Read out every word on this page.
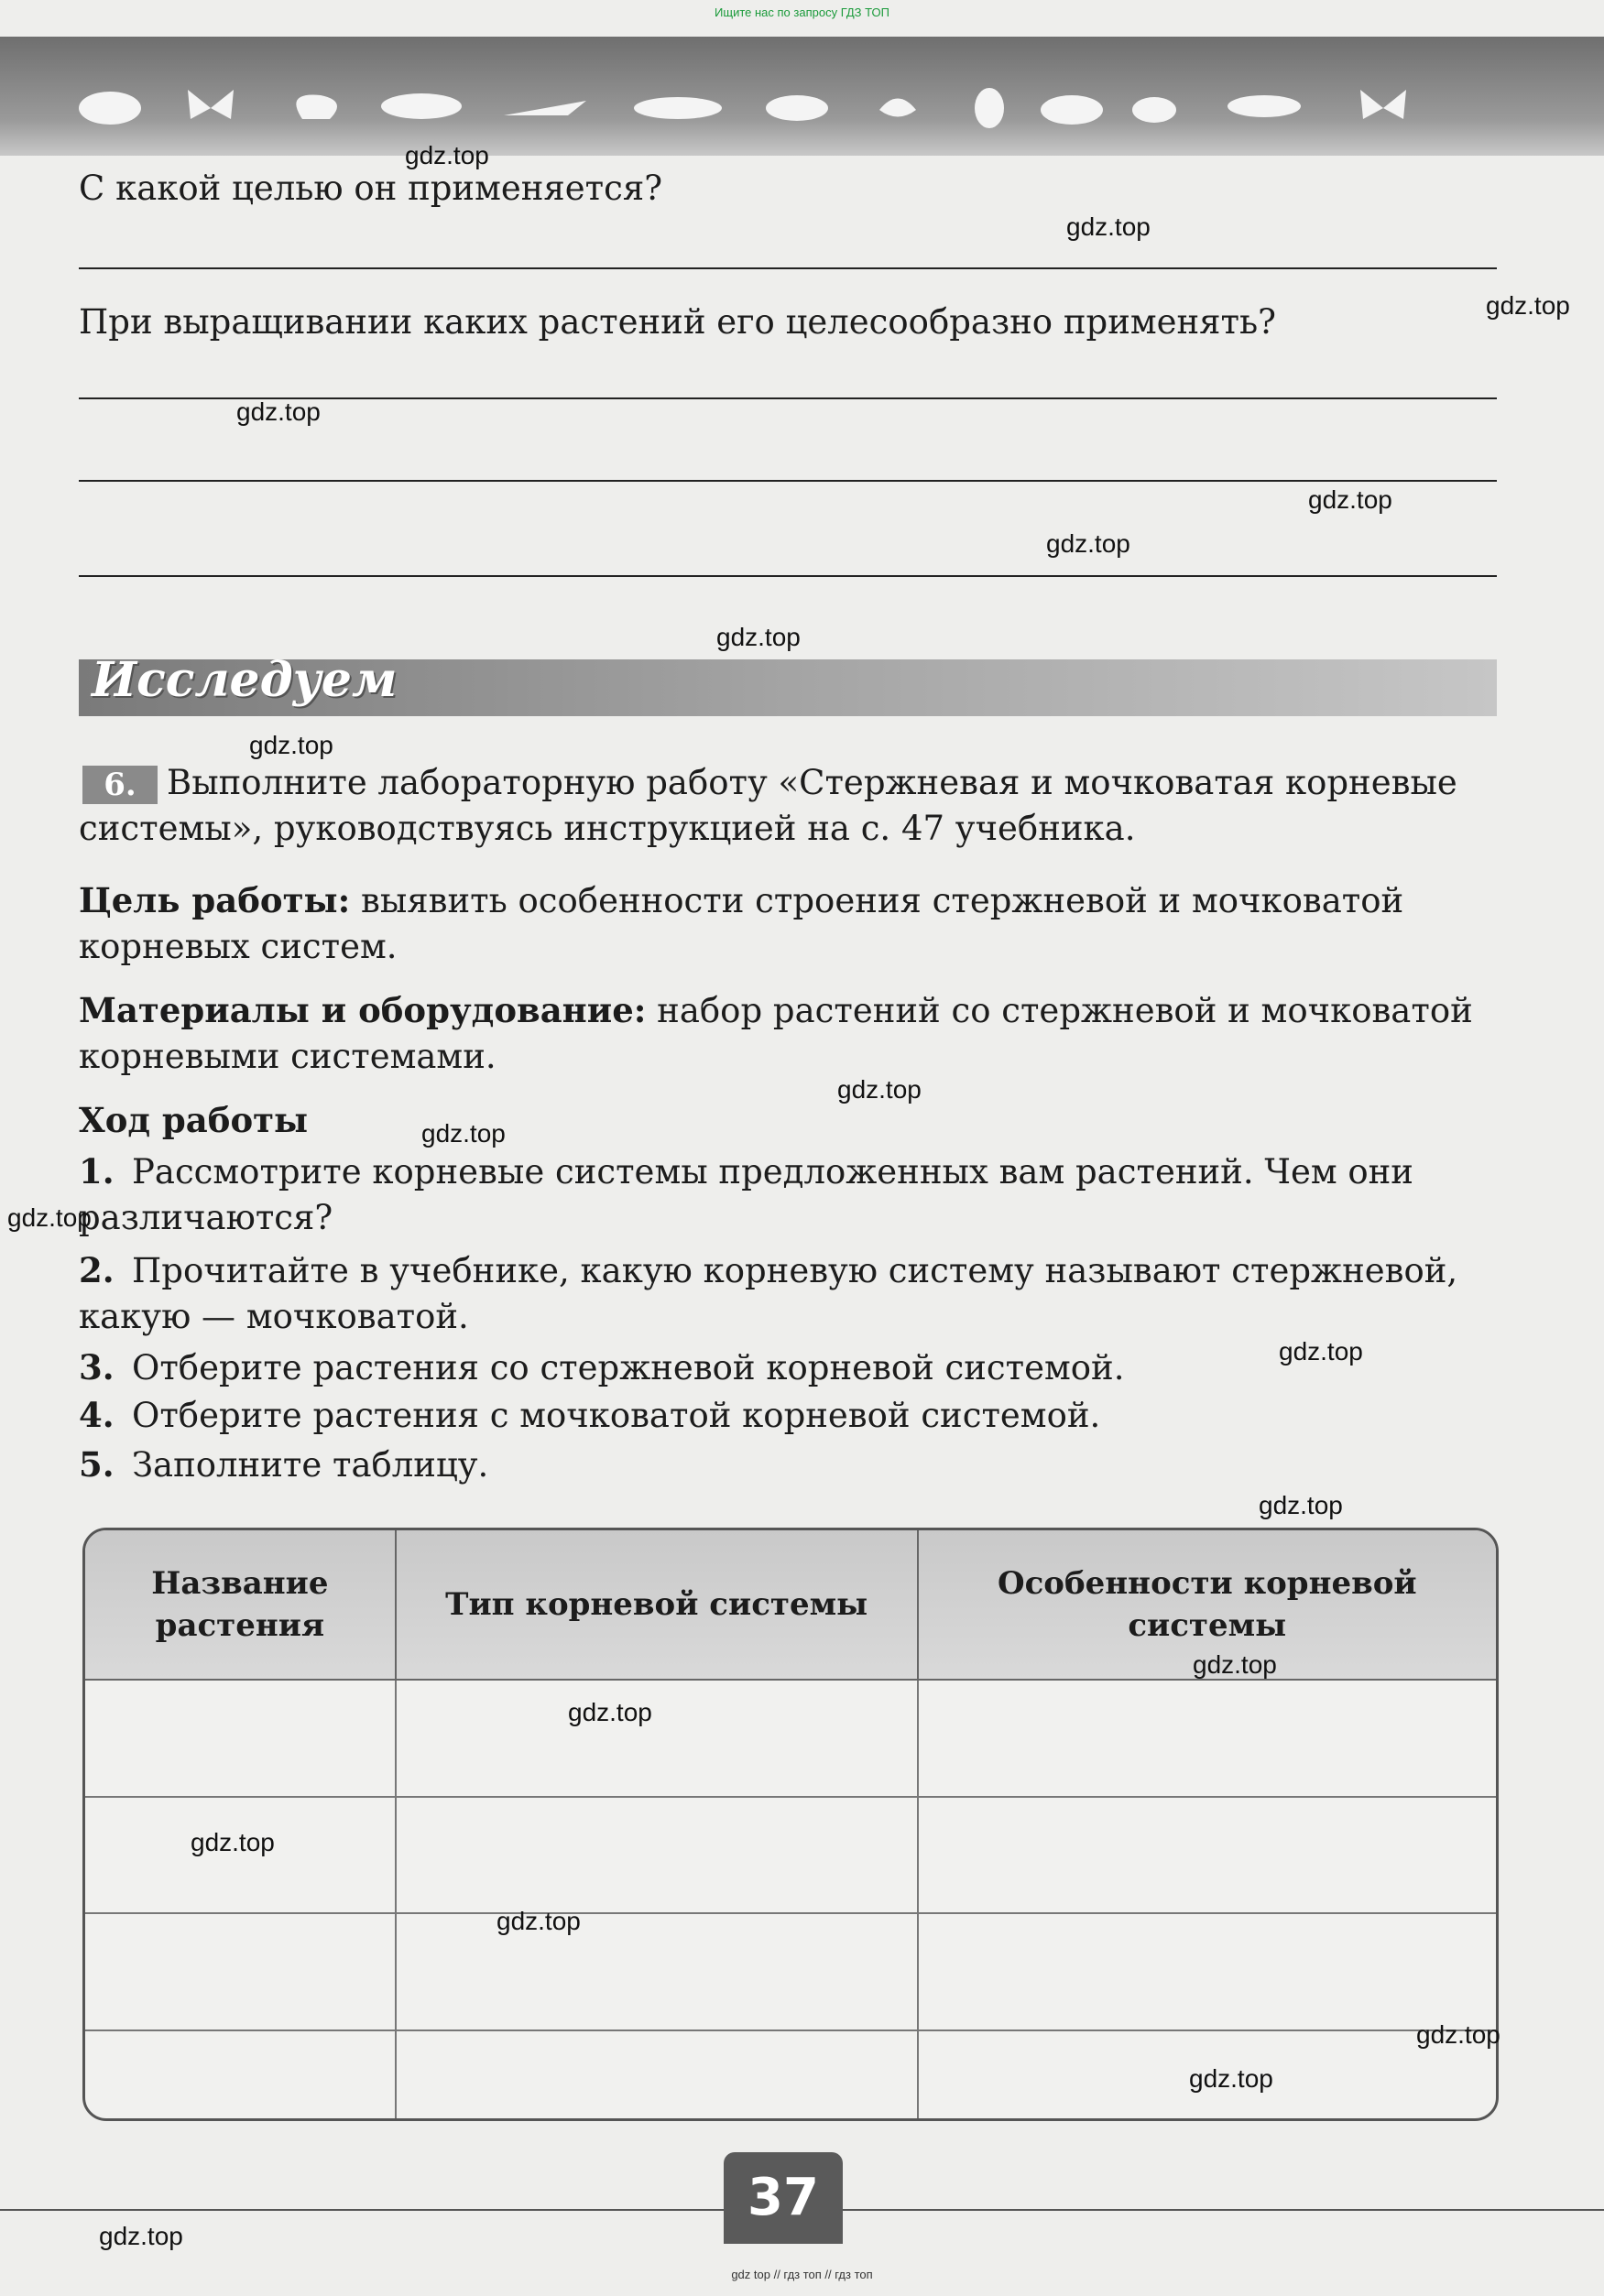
Ищите нас по запросу ГДЗ ТОП
С какой целью он применяется?
При выращивании каких растений его целесообразно применять?
Исследуем
6. Выполните лабораторную работу «Стержневая и мочковатая корневые системы», руководствуясь инструкцией на с. 47 учебника.
Цель работы: выявить особенности строения стержневой и мочковатой корневых систем.
Материалы и оборудование: набор растений со стержневой и мочковатой корневыми системами.
Ход работы
1. Рассмотрите корневые системы предложенных вам растений. Чем они различаются?
2. Прочитайте в учебнике, какую корневую систему называют стержневой, какую — мочковатой.
3. Отберите растения со стержневой корневой системой.
4. Отберите растения с мочковатой корневой системой.
5. Заполните таблицу.
Название растения	Тип корневой системы	Особенности корневой системы

37
gdz.top
gdz.top
gdz.top
gdz.top
gdz.top
gdz.top
gdz.top
gdz.top
gdz.top
gdz.top
gdz.top
gdz.top
gdz.top
gdz.top
gdz.top
gdz.top
gdz.top
gdz.top
gdz.top
gdz.top
gdz top // гдз топ // гдз топ
